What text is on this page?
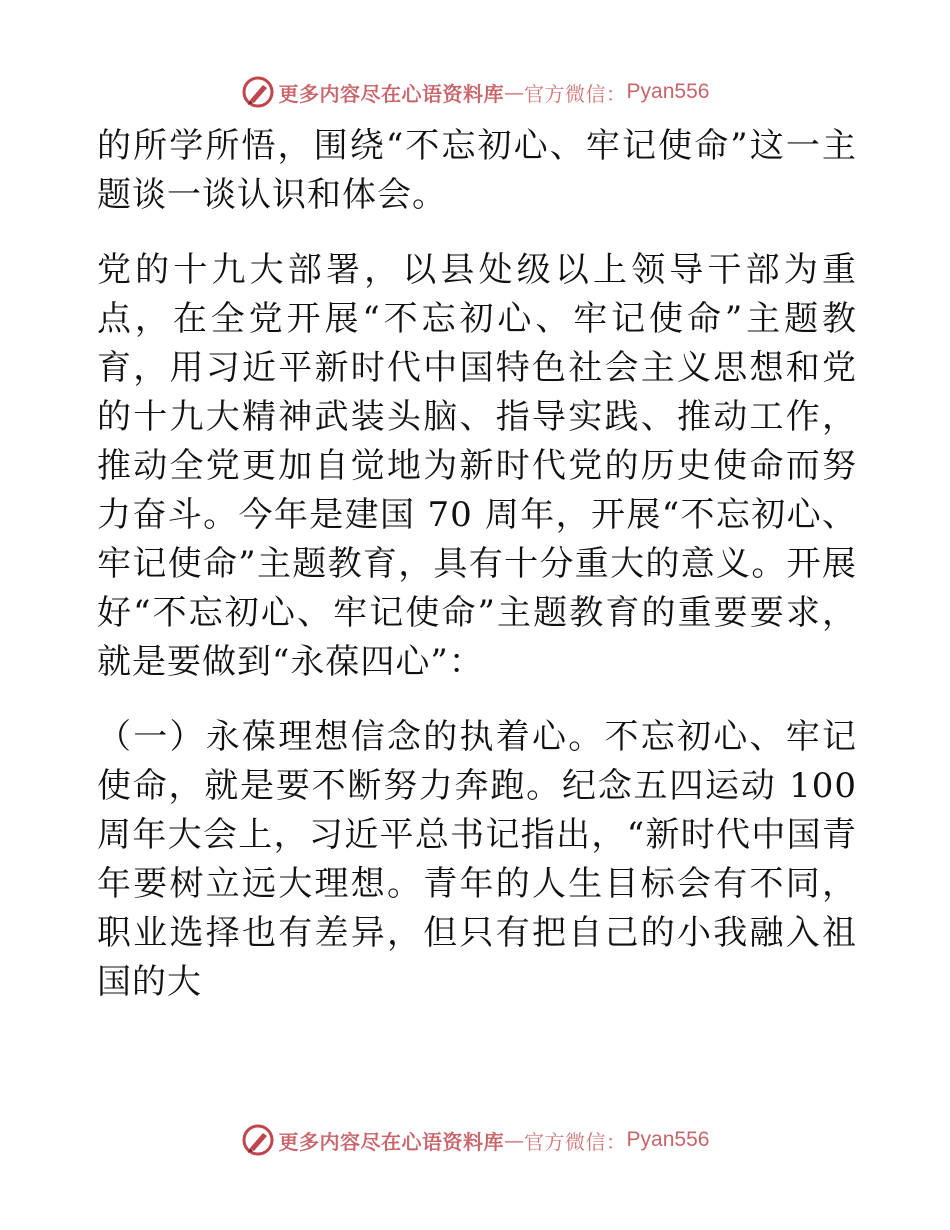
更多内容尽在心语资料库 — 官方微信： Pyan556

的所学所悟，围绕“不忘初心、牢记使命”这一主题谈一谈认识和体会。

党的十九大部署，以县处级以上领导干部为重点，在全党开展“不忘初心、牢记使命”主题教育，用习近平新时代中国特色社会主义思想和党的十九大精神武装头脑、指导实践、推动工作，推动全党更加自觉地为新时代党的历史使命而努力奋斗。今年是建国 70 周年，开展“不忘初心、牢记使命”主题教育，具有十分重大的意义。开展好“不忘初心、牢记使命”主题教育的重要要求，就是要做到“永葆四心”：

（一）永葆理想信念的执着心。不忘初心、牢记使命，就是要不断努力奔跑。纪念五四运动 100 周年大会上，习近平总书记指出，“新时代中国青年要树立远大理想。青年的人生目标会有不同，职业选择也有差异，但只有把自己的小我融入祖国的大

更多内容尽在心语资料库 — 官方微信： Pyan556
